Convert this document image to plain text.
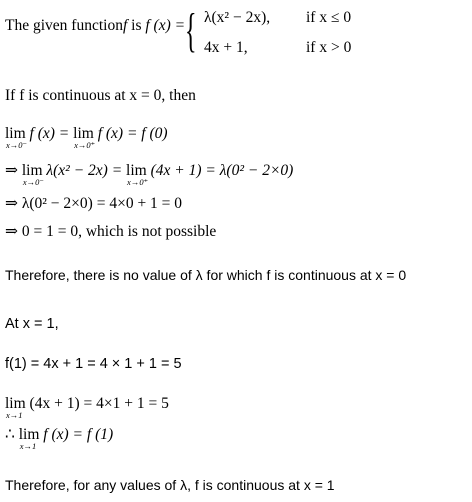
The given functionf is f (x) = { λ(x² − 2x), if x ≤ 0
4x + 1,	if x > 0
If f is continuous at x = 0, then
lim
x→0⁻
f (x) = lim
x→0⁺
f (x) = f (0)
⇒ lim
x→0⁻
λ(x² − 2x) = lim
x→0⁺
(4x + 1) = λ(0² − 2×0)
⇒ λ(0² − 2×0) = 4×0 + 1 = 0
⇒ 0 = 1 = 0, which is not possible
Therefore, there is no value of λ for which f is continuous at x = 0
At x = 1,
f(1) = 4x + 1 = 4 × 1 + 1 = 5
lim
x→1
(4x + 1) = 4×1 + 1 = 5
∴ lim
x→1
f (x) = f (1)
Therefore, for any values of λ, f is continuous at x = 1
